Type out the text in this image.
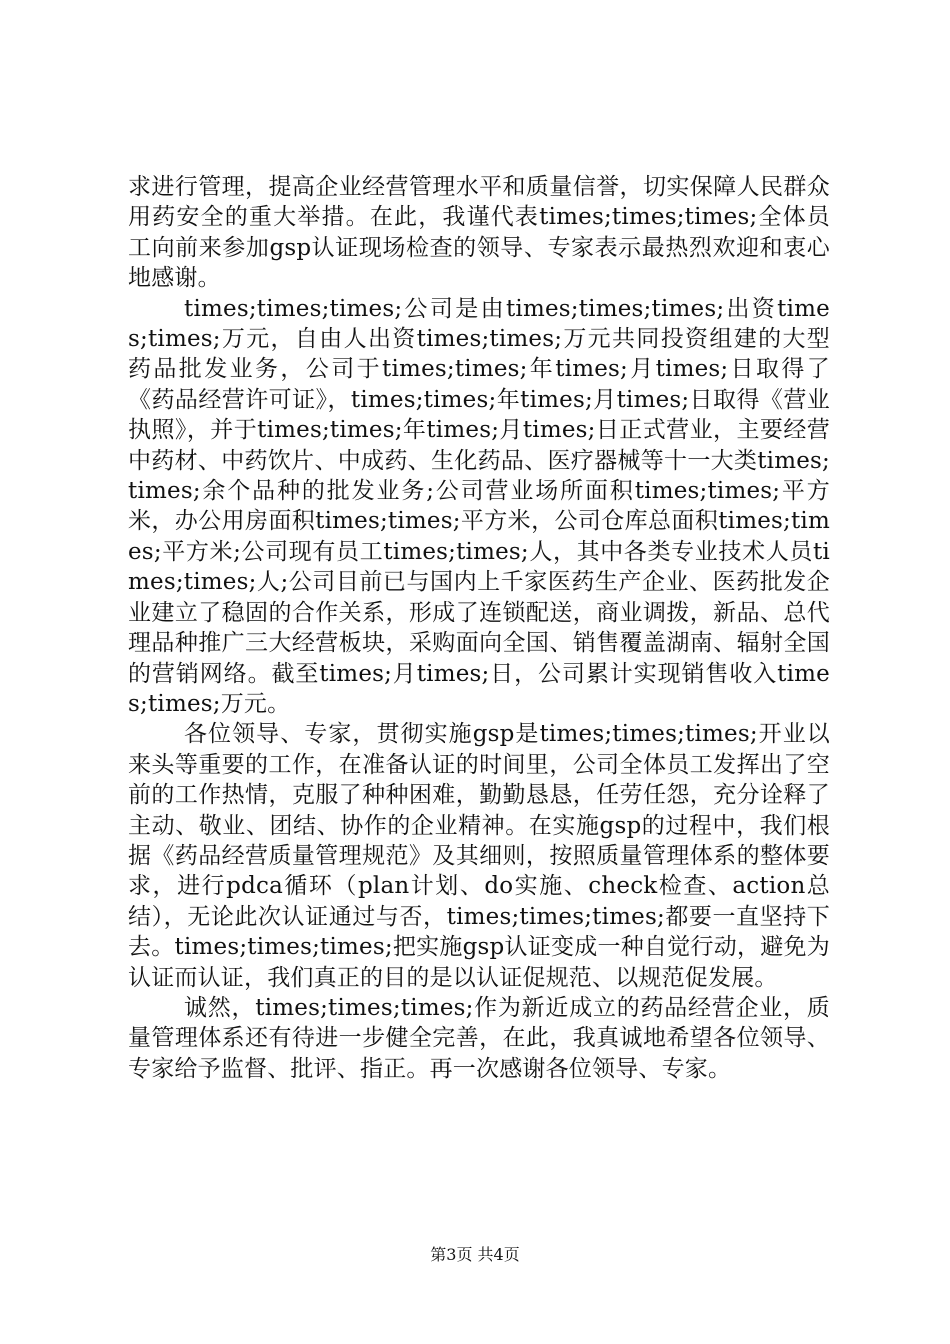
求进行管理，提高企业经营管理水平和质量信誉，切实保障人民群众用药安全的重大举措。在此，我谨代表times;times;times;全体员工向前来参加gsp认证现场检查的领导、专家表示最热烈欢迎和衷心地感谢。

times;times;times;公司是由times;times;times;出资times;times;万元，自由人出资times;times;万元共同投资组建的大型药品批发业务，公司于times;times;年times;月times;日取得了《药品经营许可证》，times;times;年times;月times;日取得《营业执照》，并于times;times;年times;月times;日正式营业，主要经营中药材、中药饮片、中成药、生化药品、医疗器械等十一大类times;times;余个品种的批发业务;公司营业场所面积times;times;平方米，办公用房面积times;times;平方米，公司仓库总面积times;times;平方米;公司现有员工times;times;人，其中各类专业技术人员times;times;人;公司目前已与国内上千家医药生产企业、医药批发企业建立了稳固的合作关系，形成了连锁配送，商业调拨，新品、总代理品种推广三大经营板块，采购面向全国、销售覆盖湖南、辐射全国的营销网络。截至times;月times;日，公司累计实现销售收入times;times;万元。

各位领导、专家，贯彻实施gsp是times;times;times;开业以来头等重要的工作，在准备认证的时间里，公司全体员工发挥出了空前的工作热情，克服了种种困难，勤勤恳恳，任劳任怨，充分诠释了主动、敬业、团结、协作的企业精神。在实施gsp的过程中，我们根据《药品经营质量管理规范》及其细则，按照质量管理体系的整体要求，进行pdca循环（plan计划、do实施、check检查、action总结），无论此次认证通过与否，times;times;times;都要一直坚持下去。times;times;times;把实施gsp认证变成一种自觉行动，避免为认证而认证，我们真正的目的是以认证促规范、以规范促发展。

诚然，times;times;times;作为新近成立的药品经营企业，质量管理体系还有待进一步健全完善，在此，我真诚地希望各位领导、专家给予监督、批评、指正。再一次感谢各位领导、专家。

第3页 共4页
